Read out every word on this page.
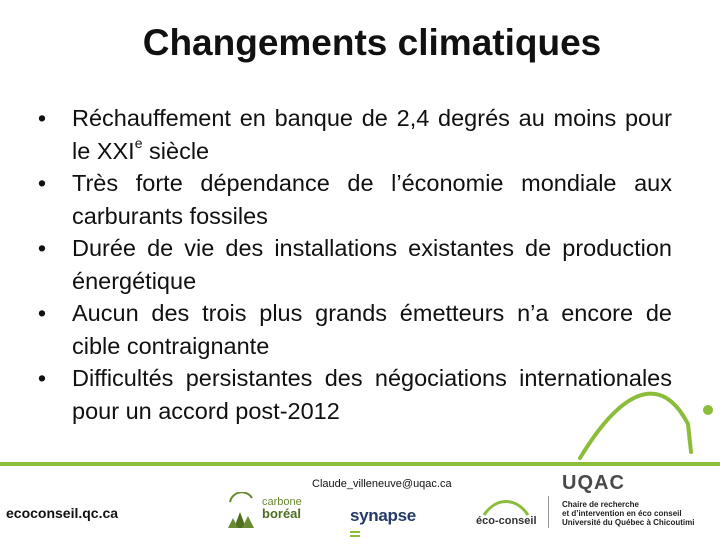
Changements climatiques
•	Réchauffement en banque de 2,4 degrés au moins pour le XXIe siècle
•	Très forte dépendance de l’économie mondiale aux carburants fossiles
•	Durée de vie des installations existantes de production énergétique
•	Aucun des trois plus grands émetteurs n’a encore de cible contraignante
•	Difficultés persistantes des négociations internationales pour un accord post-2012
Claude_villeneuve@uqac.ca
ecoconseil.qc.ca
carbone
boréal	synapse	éco-conseil
UQAC
Chaire de recherche
et d’intervention en éco conseil
Université du Québec à Chicoutimi
